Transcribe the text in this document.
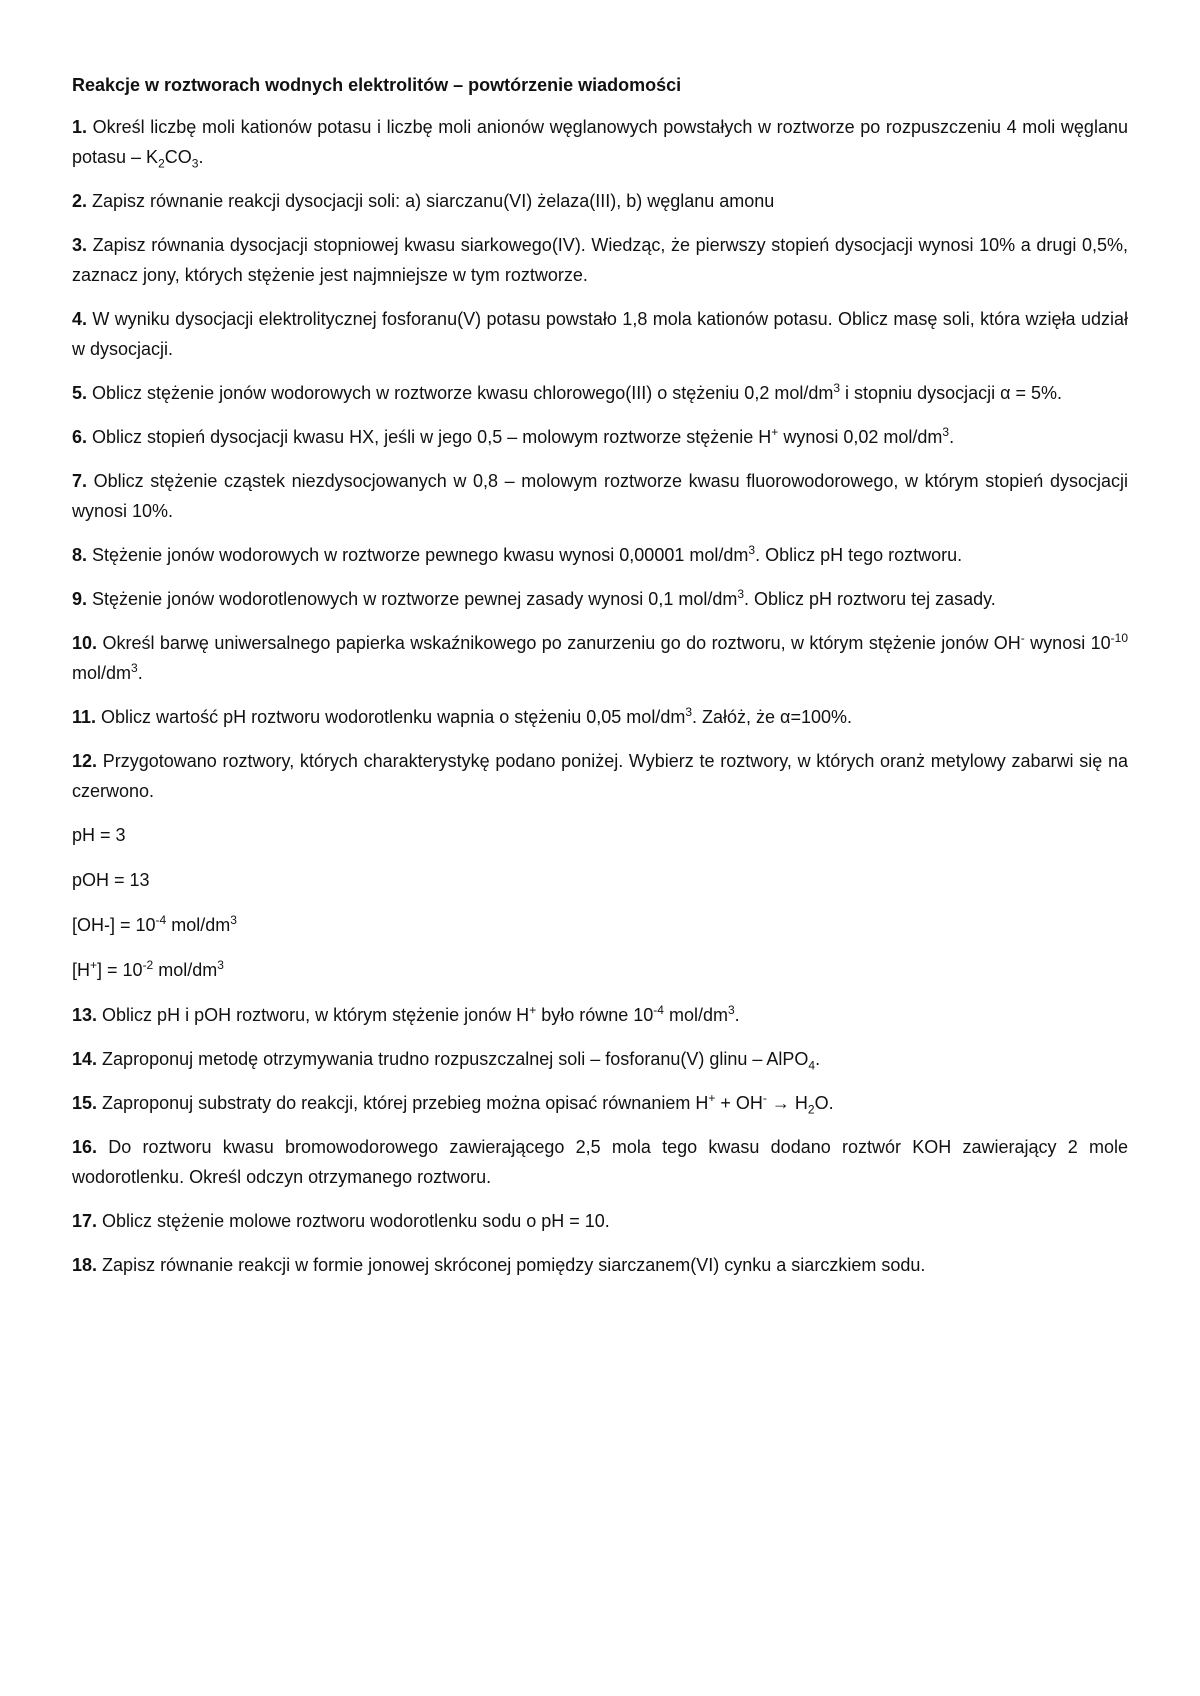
Reakcje w roztworach wodnych elektrolitów – powtórzenie wiadomości
1. Określ liczbę moli kationów potasu i liczbę moli anionów węglanowych powstałych w roztworze po rozpuszczeniu 4 moli węglanu potasu – $K_2CO_3$.
2. Zapisz równanie reakcji dysocjacji soli: a) siarczanu(VI) żelaza(III), b) węglanu amonu
3. Zapisz równania dysocjacji stopniowej kwasu siarkowego(IV). Wiedząc, że pierwszy stopień dysocjacji wynosi 10% a drugi 0,5%, zaznacz jony, których stężenie jest najmniejsze w tym roztworze.
4. W wyniku dysocjacji elektrolitycznej fosforanu(V) potasu powstało 1,8 mola kationów potasu. Oblicz masę soli, która wzięła udział w dysocjacji.
5. Oblicz stężenie jonów wodorowych w roztworze kwasu chlorowego(III) o stężeniu 0,2 mol/$dm^3$ i stopniu dysocjacji α = 5%.
6. Oblicz stopień dysocjacji kwasu HX, jeśli w jego 0,5 – molowym roztworze stężenie H+ wynosi 0,02 mol/$dm^3$.
7. Oblicz stężenie cząstek niezdysocjowanych w 0,8 – molowym roztworze kwasu fluorowodorowego, w którym stopień dysocjacji wynosi 10%.
8. Stężenie jonów wodorowych w roztworze pewnego kwasu wynosi 0,00001 mol/$dm^3$. Oblicz pH tego roztworu.
9. Stężenie jonów wodorotlenowych w roztworze pewnej zasady wynosi 0,1 mol/$dm^3$. Oblicz pH roztworu tej zasady.
10. Określ barwę uniwersalnego papierka wskaźnikowego po zanurzeniu go do roztworu, w którym stężenie jonów OH- wynosi $10^{-10}$ mol/$dm^3$.
11. Oblicz wartość pH roztworu wodorotlenku wapnia o stężeniu 0,05 mol/$dm^3$. Załóż, że α=100%.
12. Przygotowano roztwory, których charakterystykę podano poniżej. Wybierz te roztwory, w których oranż metylowy zabarwi się na czerwono.
pH = 3
pOH = 13
$[OH-] = 10^{-4}$ mol/$dm^3$
$[H^+] = 10^{-2}$ mol/$dm^3$
13. Oblicz pH i pOH roztworu, w którym stężenie jonów H+ było równe $10^{-4}$ mol/$dm^3$.
14. Zaproponuj metodę otrzymywania trudno rozpuszczalnej soli – fosforanu(V) glinu – AlPO$_4$.
15. Zaproponuj substraty do reakcji, której przebieg można opisać równaniem $H^+ + OH^- \to H_2O$.
16. Do roztworu kwasu bromowodorowego zawierającego 2,5 mola tego kwasu dodano roztwór KOH zawierający 2 mole wodorotlenku. Określ odczyn otrzymanego roztworu.
17. Oblicz stężenie molowe roztworu wodorotlenku sodu o pH = 10.
18. Zapisz równanie reakcji w formie jonowej skróconej pomiędzy siarczanem(VI) cynku a siarczkiem sodu.
